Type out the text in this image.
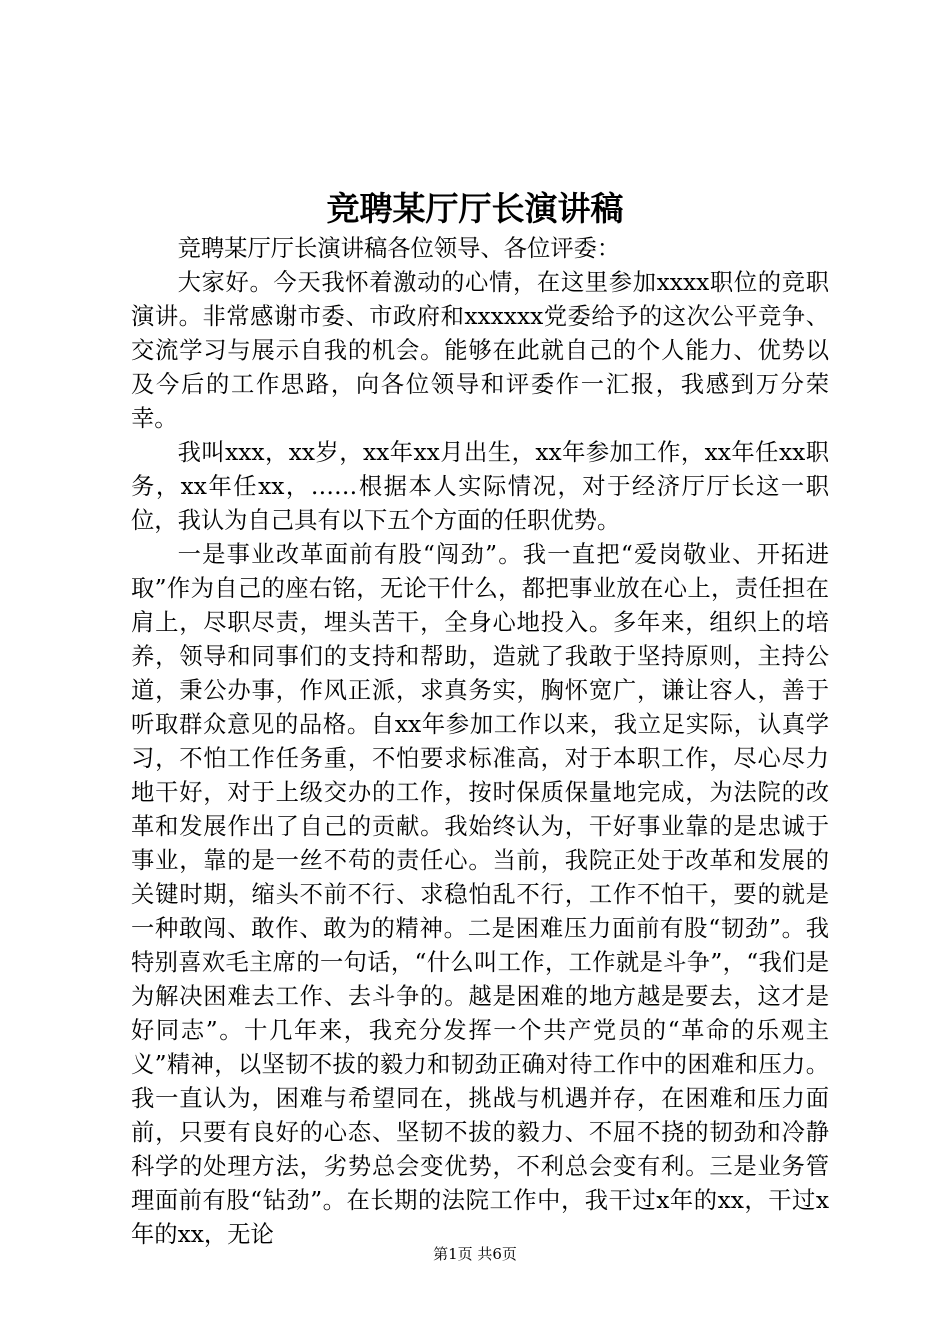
竞聘某厅厅长演讲稿

竞聘某厅厅长演讲稿各位领导、各位评委：

大家好。今天我怀着激动的心情，在这里参加xxxx职位的竞职演讲。非常感谢市委、市政府和xxxxxx党委给予的这次公平竞争、交流学习与展示自我的机会。能够在此就自己的个人能力、优势以及今后的工作思路，向各位领导和评委作一汇报，我感到万分荣幸。

我叫xxx，xx岁，xx年xx月出生，xx年参加工作，xx年任xx职务，xx年任xx，……根据本人实际情况，对于经济厅厅长这一职位，我认为自己具有以下五个方面的任职优势。

一是事业改革面前有股“闯劲”。我一直把“爱岗敬业、开拓进取”作为自己的座右铭，无论干什么，都把事业放在心上，责任担在肩上，尽职尽责，埋头苦干，全身心地投入。多年来，组织上的培养，领导和同事们的支持和帮助，造就了我敢于坚持原则，主持公道，秉公办事，作风正派，求真务实，胸怀宽广，谦让容人，善于听取群众意见的品格。自xx年参加工作以来，我立足实际，认真学习，不怕工作任务重，不怕要求标准高，对于本职工作，尽心尽力地干好，对于上级交办的工作，按时保质保量地完成，为法院的改革和发展作出了自己的贡献。我始终认为，干好事业靠的是忠诚于事业，靠的是一丝不苟的责任心。当前，我院正处于改革和发展的关键时期，缩头不前不行、求稳怕乱不行，工作不怕干，要的就是一种敢闯、敢作、敢为的精神。二是困难压力面前有股“韧劲”。我特别喜欢毛主席的一句话，“什么叫工作，工作就是斗争”，“我们是为解决困难去工作、去斗争的。越是困难的地方越是要去，这才是好同志”。十几年来，我充分发挥一个共产党员的“革命的乐观主义”精神，以坚韧不拔的毅力和韧劲正确对待工作中的困难和压力。我一直认为，困难与希望同在，挑战与机遇并存，在困难和压力面前，只要有良好的心态、坚韧不拔的毅力、不屈不挠的韧劲和冷静科学的处理方法，劣势总会变优势，不利总会变有利。三是业务管理面前有股“钻劲”。在长期的法院工作中，我干过x年的xx，干过x年的xx，无论

第1页 共6页
